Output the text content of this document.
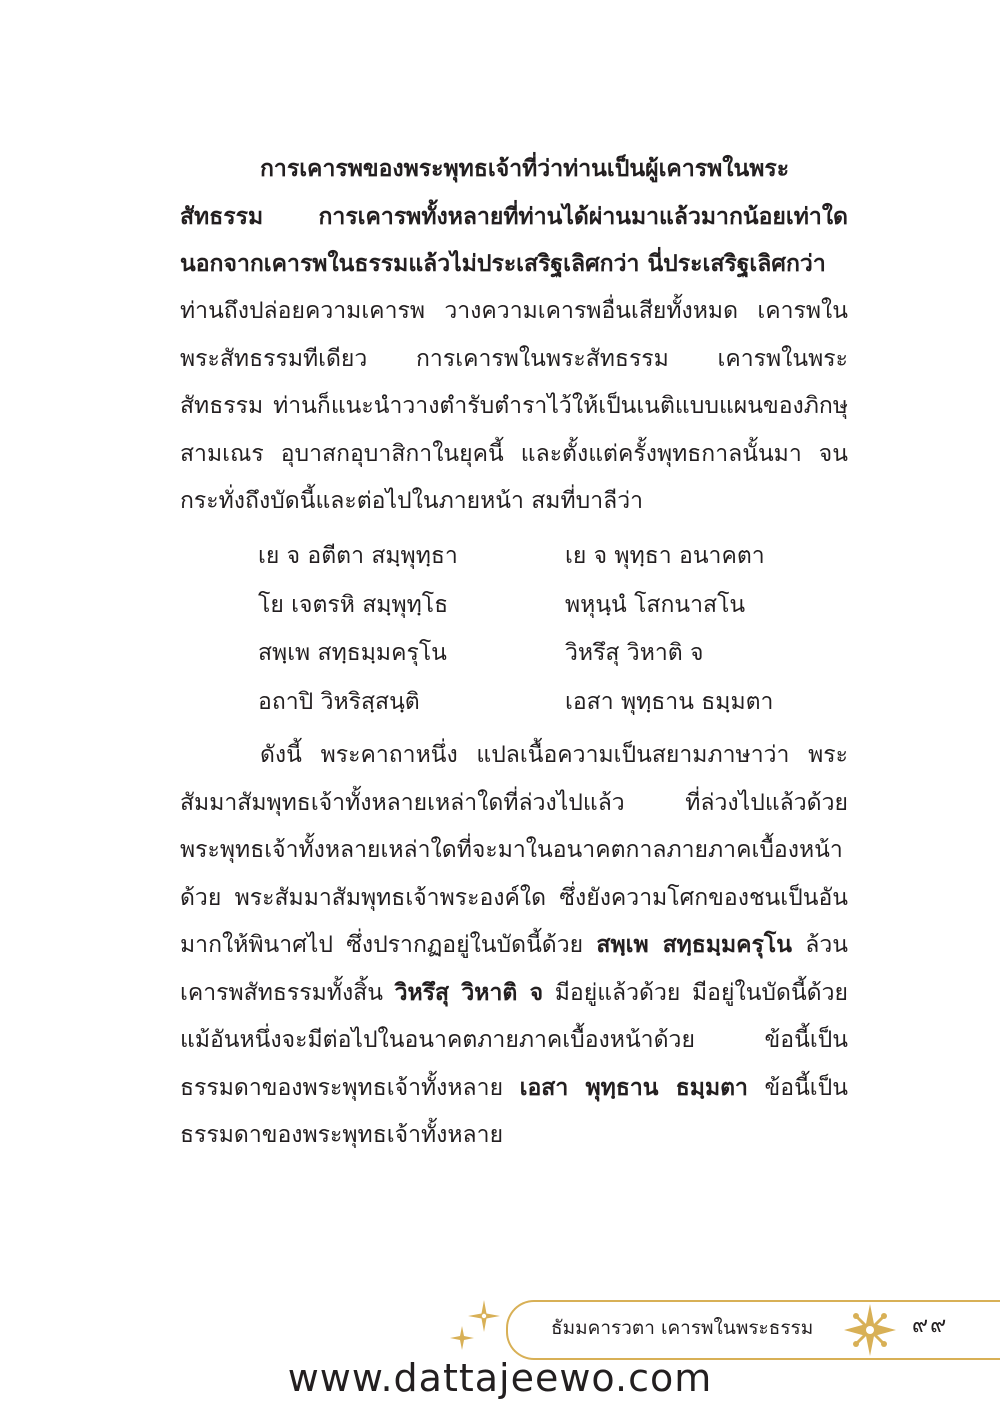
การเคารพของพระพุทธเจ้าที่ว่าท่านเป็นผู้เคารพในพระสัทธรรม การเคารพทั้งหลายที่ท่านได้ผ่านมาแล้วมากน้อยเท่าใด นอกจากเคารพในธรรมแล้วไม่ประเสริฐเลิศกว่า นี่ประเสริฐเลิศกว่า
ท่านถึงปล่อยความเคารพ วางความเคารพอื่นเสียทั้งหมด เคารพในพระสัทธรรมทีเดียว การเคารพในพระสัทธรรม เคารพในพระสัทธรรม ท่านก็แนะนำวางตำรับตำราไว้ให้เป็นเนติแบบแผนของภิกษุสามเณร อุบาสกอุบาสิกาในยุคนี้ และตั้งแต่ครั้งพุทธกาลนั้นมา จนกระทั่งถึงบัดนี้และต่อไปในภายหน้า สมที่บาลีว่า
เย จ อตีตา สมฺพุทฺธา	เย จ พุทฺธา อนาคตา
โย เจตรหิ สมฺพุทฺโธ	พหุนฺนํ โสกนาสโน
สพฺเพ สทฺธมฺมครุโน	วิหรึสุ วิหาติ จ
อถาปิ วิหริสฺสนฺติ	เอสา พุทฺธาน ธมฺมตา
ดังนี้ พระคาถาหนึ่ง แปลเนื้อความเป็นสยามภาษาว่า พระสัมมาสัมพุทธเจ้าทั้งหลายเหล่าใดที่ล่วงไปแล้ว ที่ล่วงไปแล้วด้วย พระพุทธเจ้าทั้งหลายเหล่าใดที่จะมาในอนาคตกาลภายภาคเบื้องหน้าด้วย พระสัมมาสัมพุทธเจ้าพระองค์ใด ซึ่งยังความโศกของชนเป็นอันมากให้พินาศไป ซึ่งปรากฏอยู่ในบัดนี้ด้วย สพฺเพ สทฺธมฺมครุโน ล้วนเคารพสัทธรรมทั้งสิ้น วิหรึสุ วิหาติ จ มีอยู่แล้วด้วย มีอยู่ในบัดนี้ด้วย แม้อันหนึ่งจะมีต่อไปในอนาคตภายภาคเบื้องหน้าด้วย ข้อนี้เป็นธรรมดาของพระพุทธเจ้าทั้งหลาย เอสา พุทฺธาน ธมฺมตา ข้อนี้เป็นธรรมดาของพระพุทธเจ้าทั้งหลาย
ธัมมคารวตา เคารพในพระธรรม	๙๙
www.dattajeewo.com
